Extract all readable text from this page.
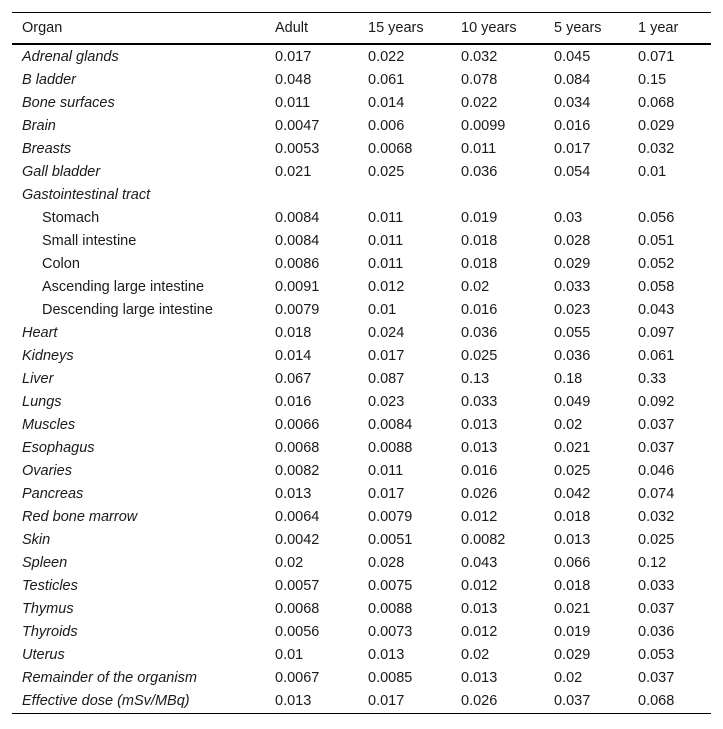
Organ	Adult	15 years	10 years	5 years	1 year
Adrenal glands	0.017	0.022	0.032	0.045	0.071
B ladder	0.048	0.061	0.078	0.084	0.15
Bone surfaces	0.011	0.014	0.022	0.034	0.068
Brain	0.0047	0.006	0.0099	0.016	0.029
Breasts	0.0053	0.0068	0.011	0.017	0.032
Gall bladder	0.021	0.025	0.036	0.054	0.01
Gastointestinal tract					
Stomach	0.0084	0.011	0.019	0.03	0.056
Small intestine	0.0084	0.011	0.018	0.028	0.051
Colon	0.0086	0.011	0.018	0.029	0.052
Ascending large intestine	0.0091	0.012	0.02	0.033	0.058
Descending large intestine	0.0079	0.01	0.016	0.023	0.043
Heart	0.018	0.024	0.036	0.055	0.097
Kidneys	0.014	0.017	0.025	0.036	0.061
Liver	0.067	0.087	0.13	0.18	0.33
Lungs	0.016	0.023	0.033	0.049	0.092
Muscles	0.0066	0.0084	0.013	0.02	0.037
Esophagus	0.0068	0.0088	0.013	0.021	0.037
Ovaries	0.0082	0.011	0.016	0.025	0.046
Pancreas	0.013	0.017	0.026	0.042	0.074
Red bone marrow	0.0064	0.0079	0.012	0.018	0.032
Skin	0.0042	0.0051	0.0082	0.013	0.025
Spleen	0.02	0.028	0.043	0.066	0.12
Testicles	0.0057	0.0075	0.012	0.018	0.033
Thymus	0.0068	0.0088	0.013	0.021	0.037
Thyroids	0.0056	0.0073	0.012	0.019	0.036
Uterus	0.01	0.013	0.02	0.029	0.053
Remainder of the organism	0.0067	0.0085	0.013	0.02	0.037
Effective dose (mSv/MBq)	0.013	0.017	0.026	0.037	0.068
